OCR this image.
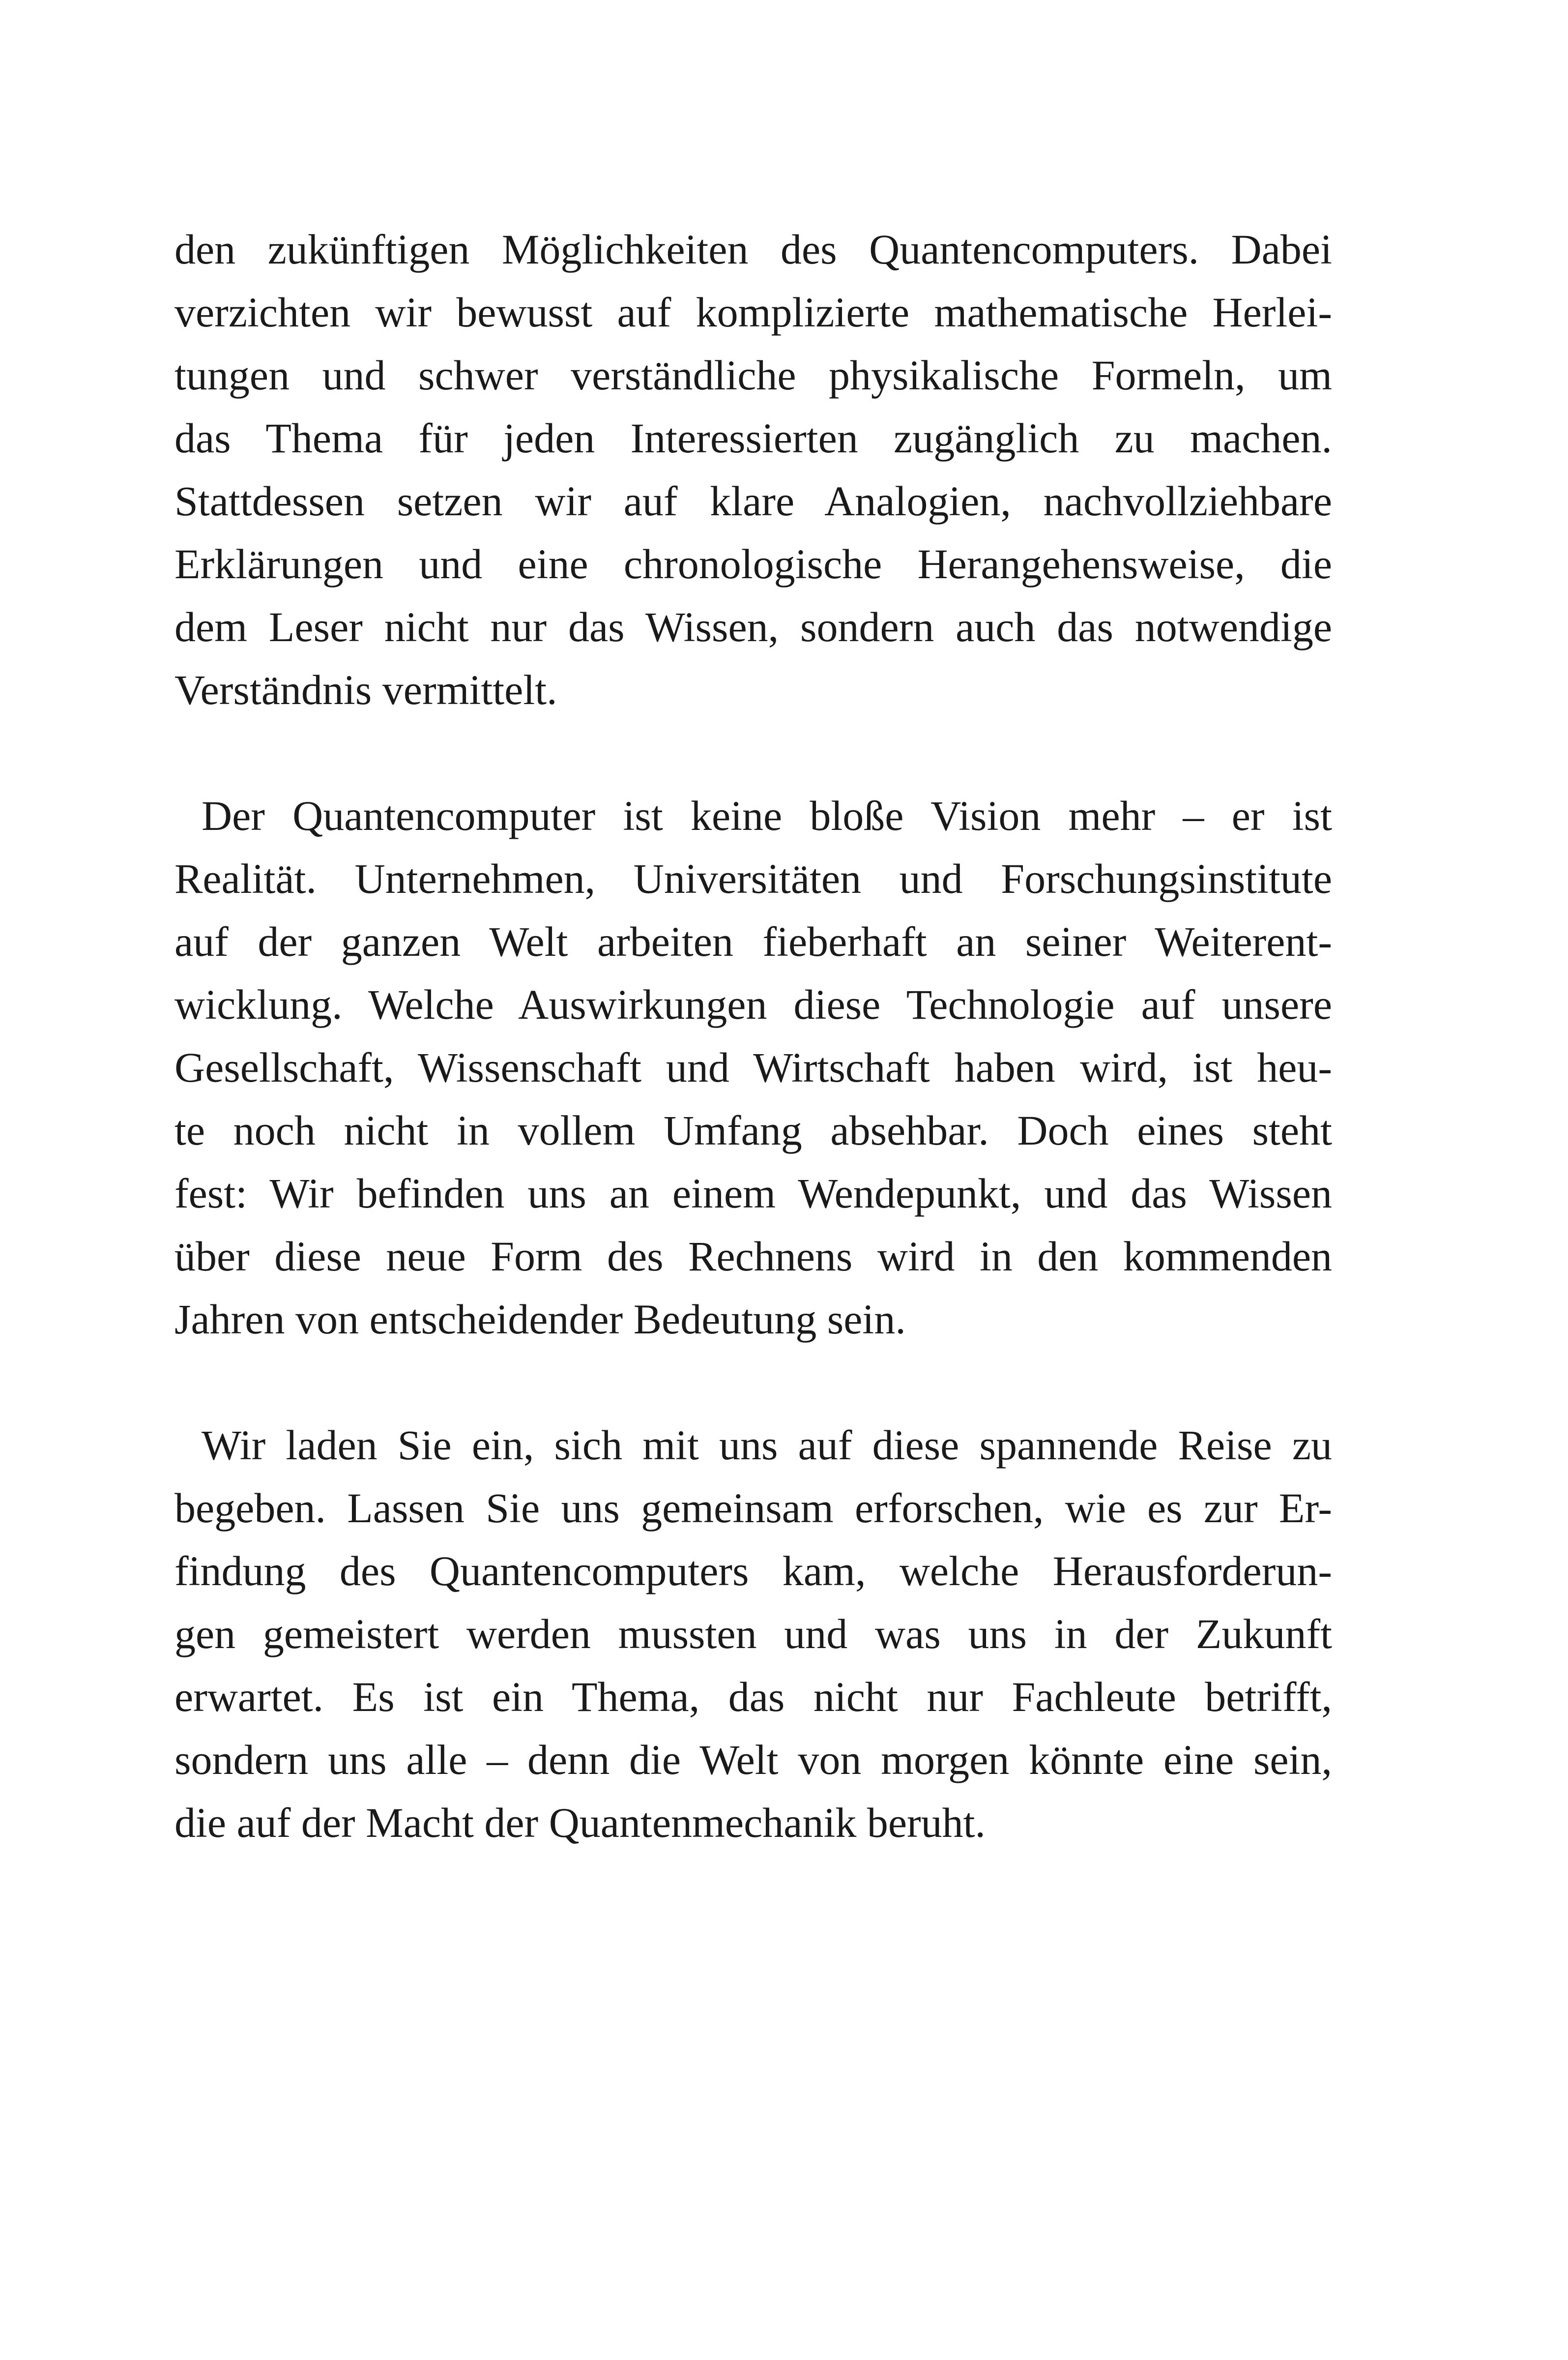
den zukünftigen Möglichkeiten des Quantencomputers. Dabei
verzichten wir bewusst auf komplizierte mathematische Herlei-
tungen und schwer verständliche physikalische Formeln, um
das Thema für jeden Interessierten zugänglich zu machen.
Stattdessen setzen wir auf klare Analogien, nachvollziehbare
Erklärungen und eine chronologische Herangehensweise, die
dem Leser nicht nur das Wissen, sondern auch das notwendige
Verständnis vermittelt.
Der Quantencomputer ist keine bloße Vision mehr – er ist
Realität. Unternehmen, Universitäten und Forschungsinstitute
auf der ganzen Welt arbeiten fieberhaft an seiner Weiterent-
wicklung. Welche Auswirkungen diese Technologie auf unsere
Gesellschaft, Wissenschaft und Wirtschaft haben wird, ist heu-
te noch nicht in vollem Umfang absehbar. Doch eines steht
fest: Wir befinden uns an einem Wendepunkt, und das Wissen
über diese neue Form des Rechnens wird in den kommenden
Jahren von entscheidender Bedeutung sein.
Wir laden Sie ein, sich mit uns auf diese spannende Reise zu
begeben. Lassen Sie uns gemeinsam erforschen, wie es zur Er-
findung des Quantencomputers kam, welche Herausforderun-
gen gemeistert werden mussten und was uns in der Zukunft
erwartet. Es ist ein Thema, das nicht nur Fachleute betrifft,
sondern uns alle – denn die Welt von morgen könnte eine sein,
die auf der Macht der Quantenmechanik beruht.
